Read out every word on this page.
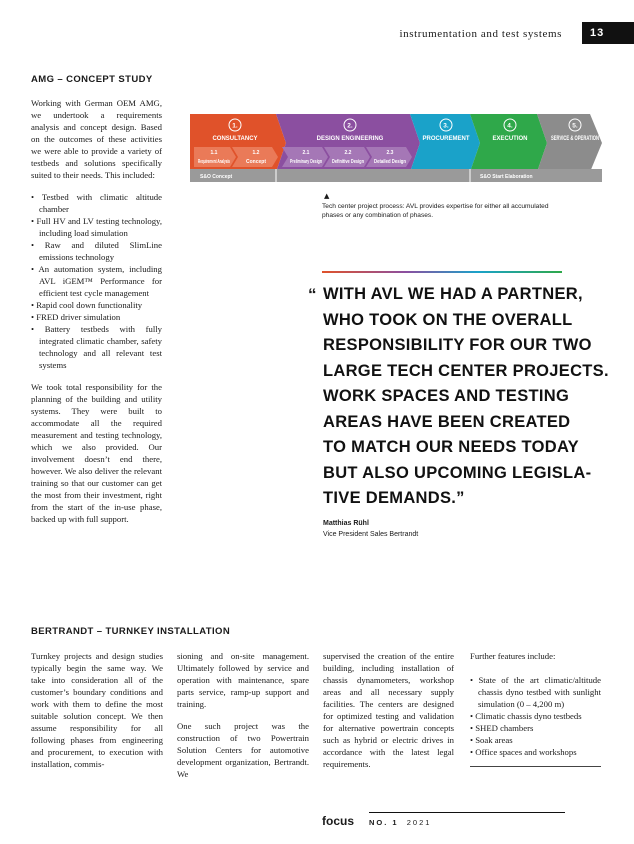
instrumentation and test systems	13
AMG – CONCEPT STUDY

Working with German OEM AMG, we undertook a requirements analysis and concept design. Based on the outcomes of these activities we were able to provide a variety of testbeds and solutions specifically suited to their needs. This included:

• Testbed with climatic altitude chamber
• Full HV and LV testing technology, including load simulation
• Raw and diluted SlimLine emissions technology
• An automation system, including AVL iGEM™ Performance for efficient test cycle management
• Rapid cool down functionality
• FRED driver simulation
• Battery testbeds with fully integrated climatic chamber, safety technology and all relevant test systems

We took total responsibility for the planning of the building and utility systems. They were built to accommodate all the required measurement and testing technology, which we also provided. Our involvement doesn’t end there, however. We also deliver the relevant training so that our customer can get the most from their investment, right from the start of the in-use phase, backed up with full support.

1.	2.	3.	4.	5.
CONSULTANCY	DESIGN ENGINEERING	PROCUREMENT	EXECUTION	SERVICE & OPERATION
1.1
Requirement Analysis
1.2
Concept
2.1
Preliminary Design
2.2
Definitive Design
2.3
Detailed Design
S&O Concept	S&O Start Elaboration
▲
Tech center project process: AVL provides expertise for either all accumulated phases or any combination of phases.
“ WITH AVL WE HAD A PARTNER,
WHO TOOK ON THE OVERALL
RESPONSIBILITY FOR OUR TWO
LARGE TECH CENTER PROJECTS.
WORK SPACES AND TESTING
AREAS HAVE BEEN CREATED
TO MATCH OUR NEEDS TODAY
BUT ALSO UPCOMING LEGISLA-
TIVE DEMANDS.”
Matthias Rühl
Vice President Sales Bertrandt
BERTRANDT – TURNKEY INSTALLATION

Turnkey projects and design studies typically begin the same way. We take into consideration all of the customer’s boundary conditions and work with them to define the most suitable solution concept. We then assume responsibility for all following phases from engineering and procurement, to execution with installation, commis-

sioning and on-site management. Ultimately followed by service and operation with maintenance, spare parts service, ramp-up support and training.

One such project was the construction of two Powertrain Solution Centers for automotive development organization, Bertrandt. We

supervised the creation of the entire building, including installation of chassis dynamometers, workshop areas and all necessary supply facilities. The centers are designed for optimized testing and validation for alternative powertrain concepts such as hybrid or electric drives in accordance with the latest legal requirements.

Further features include:

• State of the art climatic/altitude chassis dyno testbed with sunlight simulation (0 – 4,200 m)
• Climatic chassis dyno testbeds
• SHED chambers
• Soak areas
• Office spaces and workshops
focus NO. 1 2021
